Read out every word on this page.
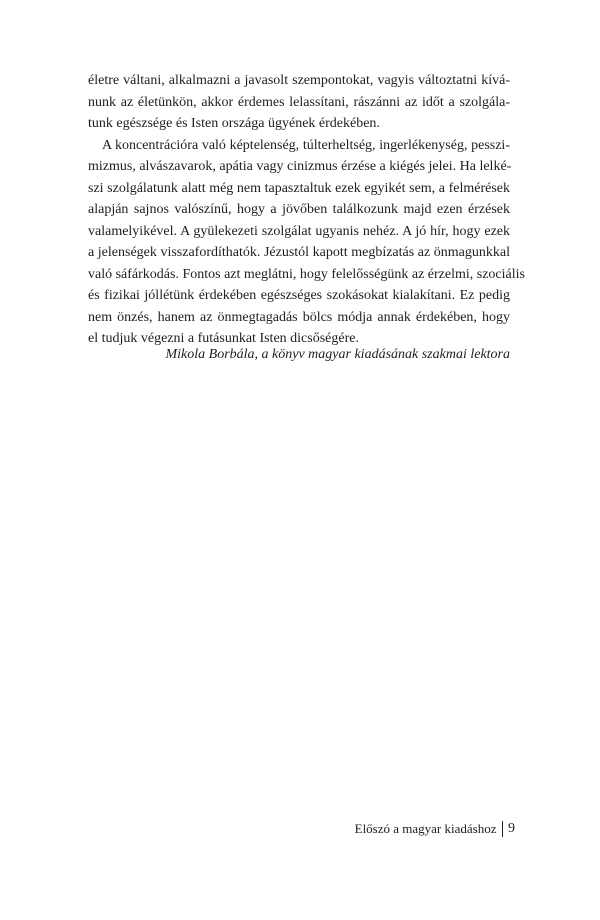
életre váltani, alkalmazni a javasolt szempontokat, vagyis változtatni kívá-
nunk az életünkön, akkor érdemes lelassítani, rászánni az időt a szolgála-
tunk egészsége és Isten országa ügyének érdekében.
A koncentrációra való képtelenség, túlterheltség, ingerlékenység, pesszi-
mizmus, alvászavarok, apátia vagy cinizmus érzése a kiégés jelei. Ha lelké-
szi szolgálatunk alatt még nem tapasztaltuk ezek egyikét sem, a felmérések
alapján sajnos valószínű, hogy a jövőben találkozunk majd ezen érzések
valamelyikével. A gyülekezeti szolgálat ugyanis nehéz. A jó hír, hogy ezek
a jelenségek visszafordíthatók. Jézustól kapott megbízatás az önmagunkkal
való sáfárkodás. Fontos azt meglátni, hogy felelősségünk az érzelmi, szociális
és fizikai jóllétünk érdekében egészséges szokásokat kialakítani. Ez pedig
nem önzés, hanem az önmegtagadás bölcs módja annak érdekében, hogy
el tudjuk végezni a futásunkat Isten dicsőségére.
Mikola Borbála, a könyv magyar kiadásának szakmai lektora
Előszó a magyar kiadáshoz 9
